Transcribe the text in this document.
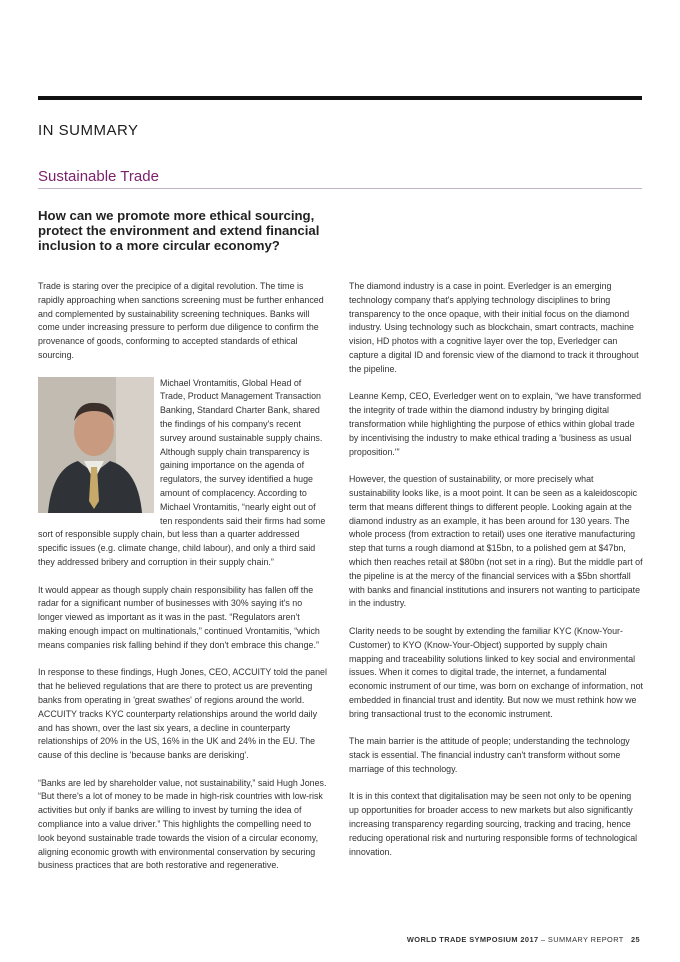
IN SUMMARY
Sustainable Trade
How can we promote more ethical sourcing, protect the environment and extend financial inclusion to a more circular economy?

Trade is staring over the precipice of a digital revolution. The time is rapidly approaching when sanctions screening must be further enhanced and complemented by sustainability screening techniques. Banks will come under increasing pressure to perform due diligence to confirm the provenance of goods, conforming to accepted standards of ethical sourcing.

Michael Vrontamitis, Global Head of Trade, Product Management Transaction Banking, Standard Charter Bank, shared the findings of his company's recent survey around sustainable supply chains. Although supply chain transparency is gaining importance on the agenda of regulators, the survey identified a huge amount of complacency. According to Michael Vrontamitis, “nearly eight out of ten respondents said their firms had some sort of responsible supply chain, but less than a quarter addressed specific issues (e.g. climate change, child labour), and only a third said they addressed bribery and corruption in their supply chain.”

It would appear as though supply chain responsibility has fallen off the radar for a significant number of businesses with 30% saying it's no longer viewed as important as it was in the past. “Regulators aren't making enough impact on multinationals,” continued Vrontamitis, “which means companies risk falling behind if they don't embrace this change.”

In response to these findings, Hugh Jones, CEO, ACCUITY told the panel that he believed regulations that are there to protect us are preventing banks from operating in 'great swathes' of regions around the world. ACCUITY tracks KYC counterparty relationships around the world daily and has shown, over the last six years, a decline in counterparty relationships of 20% in the US, 16% in the UK and 24% in the EU. The cause of this decline is 'because banks are derisking'.

“Banks are led by shareholder value, not sustainability,” said Hugh Jones. “But there's a lot of money to be made in high-risk countries with low-risk activities but only if banks are willing to invest by turning the idea of compliance into a value driver.” This highlights the compelling need to look beyond sustainable trade towards the vision of a circular economy, aligning economic growth with environmental conservation by securing business practices that are both restorative and regenerative.

The diamond industry is a case in point. Everledger is an emerging technology company that's applying technology disciplines to bring transparency to the once opaque, with their initial focus on the diamond industry. Using technology such as blockchain, smart contracts, machine vision, HD photos with a cognitive layer over the top, Everledger can capture a digital ID and forensic view of the diamond to track it throughout the pipeline.

Leanne Kemp, CEO, Everledger went on to explain, “we have transformed the integrity of trade within the diamond industry by bringing digital transformation while highlighting the purpose of ethics within global trade by incentivising the industry to make ethical trading a 'business as usual proposition.'”

However, the question of sustainability, or more precisely what sustainability looks like, is a moot point. It can be seen as a kaleidoscopic term that means different things to different people. Looking again at the diamond industry as an example, it has been around for 130 years. The whole process (from extraction to retail) uses one iterative manufacturing step that turns a rough diamond at $15bn, to a polished gem at $47bn, which then reaches retail at $80bn (not set in a ring). But the middle part of the pipeline is at the mercy of the financial services with a $5bn shortfall with banks and financial institutions and insurers not wanting to participate in the industry.

Clarity needs to be sought by extending the familiar KYC (Know-Your-Customer) to KYO (Know-Your-Object) supported by supply chain mapping and traceability solutions linked to key social and environmental issues. When it comes to digital trade, the internet, a fundamental economic instrument of our time, was born on exchange of information, not embedded in financial trust and identity. But now we must rethink how we bring transactional trust to the economic instrument.

The main barrier is the attitude of people; understanding the technology stack is essential. The financial industry can't transform without some marriage of this technology.

It is in this context that digitalisation may be seen not only to be opening up opportunities for broader access to new markets but also significantly increasing transparency regarding sourcing, tracking and tracing, hence reducing operational risk and nurturing responsible forms of technological innovation.

WORLD TRADE SYMPOSIUM 2017 – SUMMARY REPORT 25
